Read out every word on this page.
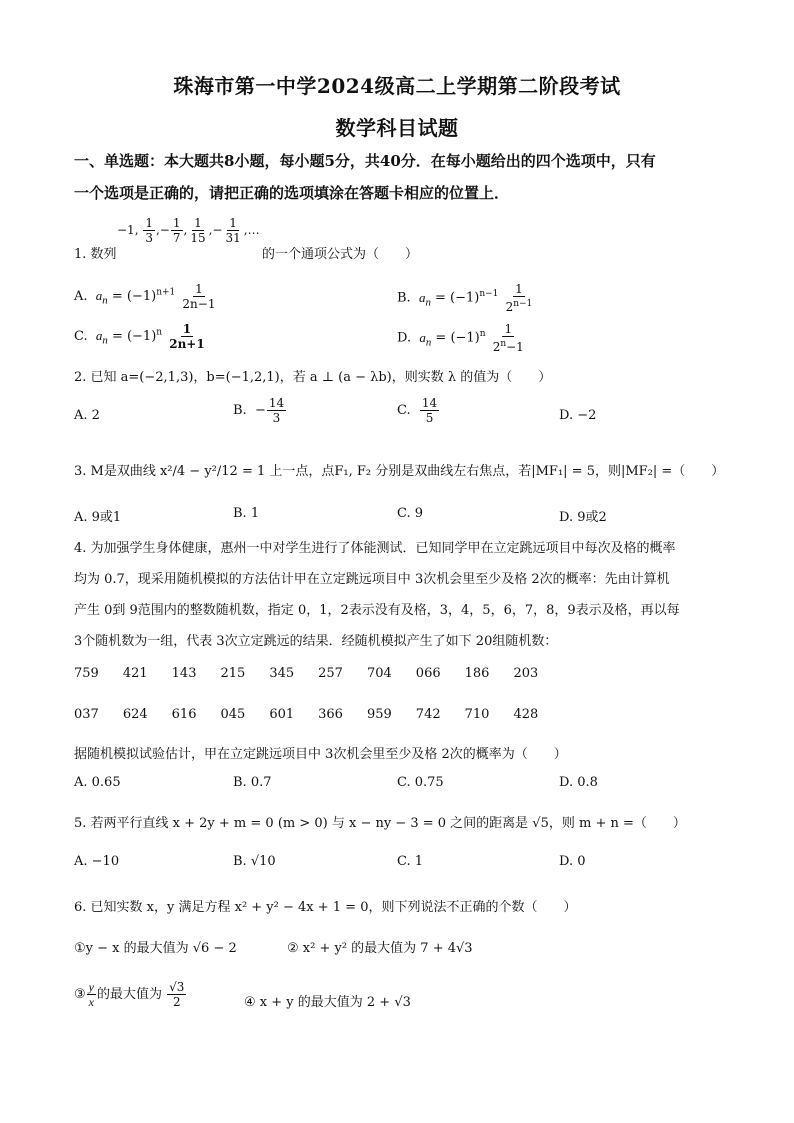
珠海市第一中学2024级高二上学期第二阶段考试
数学科目试题
一、单选题：本大题共8小题，每小题5分，共40分．在每小题给出的四个选项中，只有
一个选项是正确的，请把正确的选项填涂在答题卡相应的位置上．
1. 数列
−1, $\frac{1}{3}$ ,− $\frac{1}{7}$ , $\frac{1}{15}$ ,− $\frac{1}{31}$ ,…
的一个通项公式为（　　）
A. $a_n = (-1)^{n+1} \frac{1}{2n-1}$	B. $a_n = (-1)^{n-1} \frac{1}{2^{n-1}}$
C. $a_n = (-1)^n \frac{1}{2n+1}$	D. $a_n = (-1)^n \frac{1}{2^n-1}$
2. 已知 a=(−2,1,3)，b=(−1,2,1)，若 a ⊥ (a − λb)，则实数 λ 的值为（　　）
A. 2	B.  − $\frac{14}{3}$	C. $\frac{14}{5}$	D. −2
3. M是双曲线 x²/4 − y²/12 = 1 上一点，点F₁, F₂ 分别是双曲线左右焦点，若|MF₁| = 5，则|MF₂| =（　　）
A. 9或1	B. 1	C. 9	D. 9或2
4. 为加强学生身体健康，惠州一中对学生进行了体能测试．已知同学甲在立定跳远项目中每次及格的概率
均为 0.7，现采用随机模拟的方法估计甲在立定跳远项目中 3次机会里至少及格 2次的概率：先由计算机
产生 0到 9范围内的整数随机数，指定 0，1，2表示没有及格，3，4，5，6，7，8，9表示及格，再以每
3个随机数为一组，代表 3次立定跳远的结果．经随机模拟产生了如下 20组随机数：
759 421 143 215 345 257 704 066 186 203
037 624 616 045 601 366 959 742 710 428
据随机模拟试验估计，甲在立定跳远项目中 3次机会里至少及格 2次的概率为（　　）
A. 0.65	B. 0.7	C. 0.75	D. 0.8
5. 若两平行直线 x + 2y + m = 0 (m > 0) 与 x − ny − 3 = 0 之间的距离是 √5，则 m + n =（　　）
A. −10	B. √10	C. 1	D. 0
6. 已知实数 x，y 满足方程 x² + y² − 4x + 1 = 0，则下列说法不正确的个数（　　）
①y − x 的最大值为 √6 − 2	② x² + y² 的最大值为 7 + 4√3
③ $\frac{y}{x}$ 的最大值为 $\frac{√3}{2}$	④ x + y 的最大值为 2 + √3
